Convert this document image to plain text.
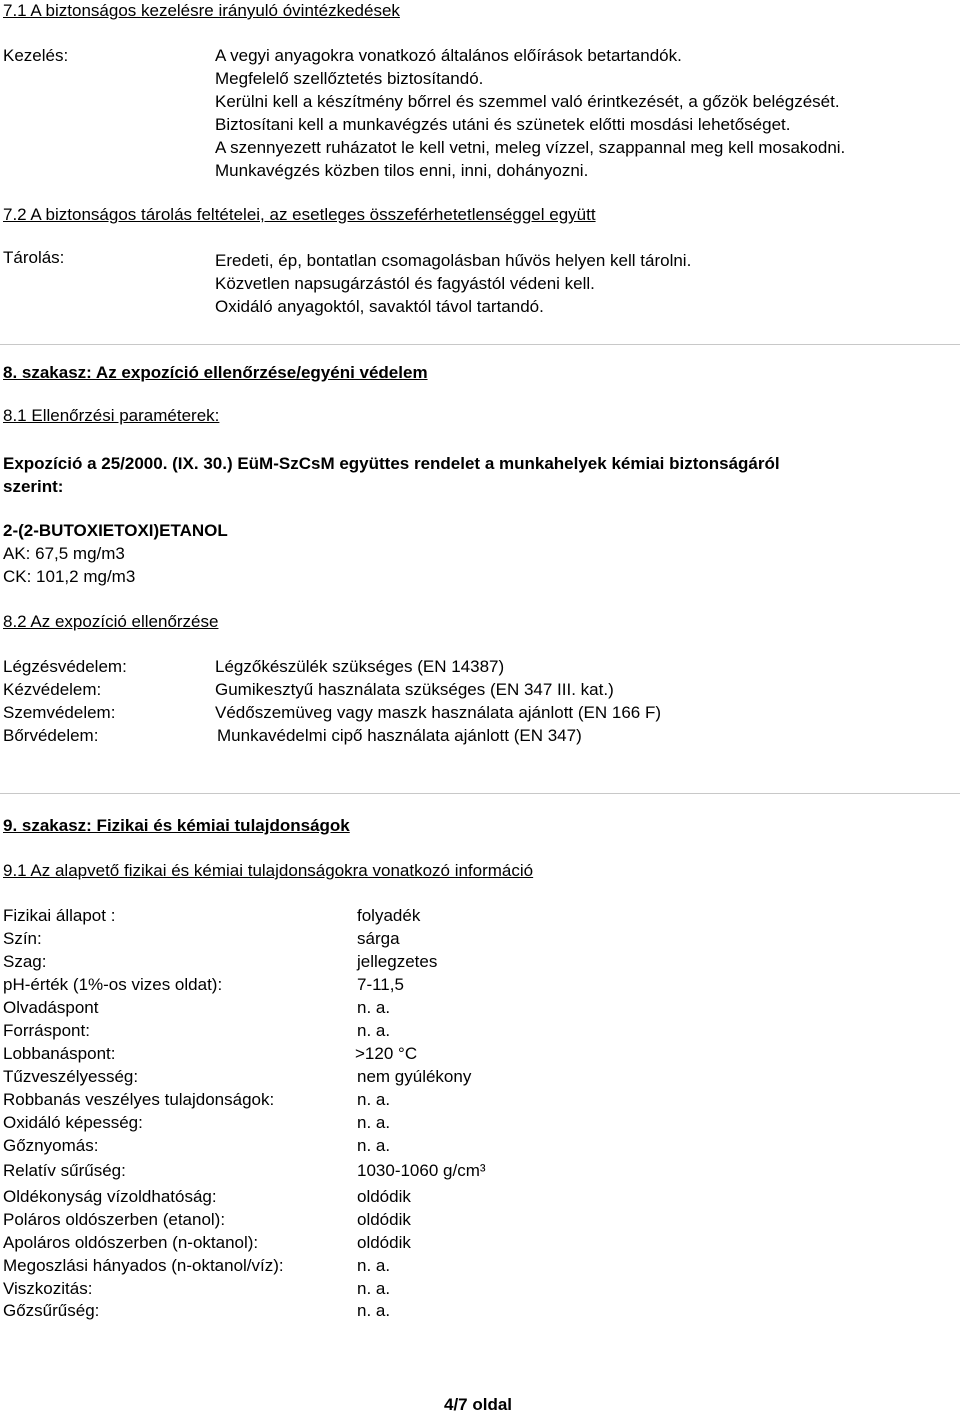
7.1 A biztonságos kezelésre irányuló óvintézkedések
Kezelés:	A vegyi anyagokra vonatkozó általános előírások betartandók.
Megfelelő szellőztetés biztosítandó.
Kerülni kell a készítmény bőrrel és szemmel való érintkezését, a gőzök belégzését.
Biztosítani kell a munkavégzés utáni és szünetek előtti mosdási lehetőséget.
A szennyezett ruházatot le kell vetni, meleg vízzel, szappannal meg kell mosakodni.
Munkavégzés közben tilos enni, inni, dohányozni.
7.2 A biztonságos tárolás feltételei, az esetleges összeférhetetlenséggel együtt
Tárolás:	Eredeti, ép, bontatlan csomagolásban hűvös helyen kell tárolni.
Közvetlen napsugárzástól és fagyástól védeni kell.
Oxidáló anyagoktól, savaktól távol tartandó.
8. szakasz: Az expozíció ellenőrzése/egyéni védelem
8.1 Ellenőrzési paraméterek:
Expozíció a 25/2000. (IX. 30.) EüM-SzCsM együttes rendelet a munkahelyek kémiai biztonságáról
szerint:
2-(2-BUTOXIETOXI)ETANOL
AK: 67,5 mg/m3
CK: 101,2 mg/m3
8.2 Az expozíció ellenőrzése
Légzésvédelem:	Légzőkészülék szükséges (EN 14387)
Kézvédelem:	Gumikesztyű használata szükséges (EN 347 III. kat.)
Szemvédelem:	Védőszemüveg vagy maszk használata ajánlott (EN 166 F)
Bőrvédelem:	Munkavédelmi cipő használata ajánlott (EN 347)
9. szakasz: Fizikai és kémiai tulajdonságok
9.1 Az alapvető fizikai és kémiai tulajdonságokra vonatkozó információ
Fizikai állapot :	folyadék
Szín:	sárga
Szag:	jellegzetes
pH-érték (1%-os vizes oldat):	7-11,5
Olvadáspont	n. a.
Forráspont:	n. a.
Lobbanáspont:	>120 °C
Tűzveszélyesség:	nem gyúlékony
Robbanás veszélyes tulajdonságok:	n. a.
Oxidáló képesség:	n. a.
Gőznyomás:	n. a.
Relatív sűrűség:	1030-1060 g/cm³
Oldékonyság vízoldhatóság:	oldódik
Poláros oldószerben (etanol):	oldódik
Apoláros oldószerben (n-oktanol):	oldódik
Megoszlási hányados (n-oktanol/víz):	n. a.
Viszkozitás:	n. a.
Gőzsűrűség:	n. a.
4/7 oldal
